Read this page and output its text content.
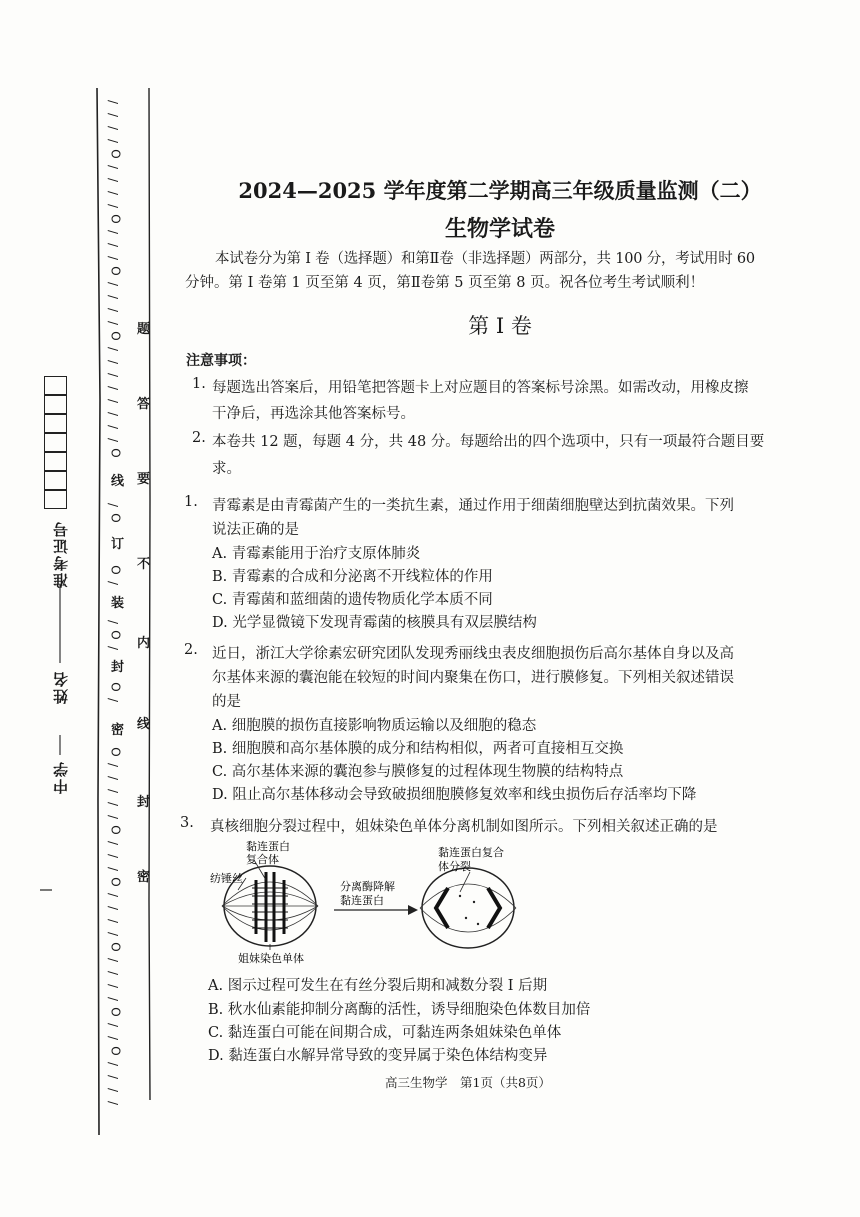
/
/
/
/
O
/
/
/
/
O
/
/
/
O
/
/
/
/
O
/
/
/
/
/
/
/
/
O
/
O
O
/
/
O
/
O
/
O
/
/
/
/
/
O
/
/
/
O
/
/
/
/
O
/
/
/
/
O
/
/
O
/
/
/
/
线
订
装
封
密
题
答
要
不
内
线
封
密
准考证号
姓名
中学
2024—2025 学年度第二学期高三年级质量监测（二）
生物学试卷
本试卷分为第 I 卷（选择题）和第Ⅱ卷（非选择题）两部分，共 100 分，考试用时 60
分钟。第 I 卷第 1 页至第 4 页，第Ⅱ卷第 5 页至第 8 页。祝各位考生考试顺利！
第 I 卷
注意事项：
1. 每题选出答案后，用铅笔把答题卡上对应题目的答案标号涂黑。如需改动，用橡皮擦
干净后，再选涂其他答案标号。
2. 本卷共 12 题，每题 4 分，共 48 分。每题给出的四个选项中，只有一项最符合题目要
求。
1. 青霉素是由青霉菌产生的一类抗生素，通过作用于细菌细胞壁达到抗菌效果。下列
说法正确的是
A. 青霉素能用于治疗支原体肺炎
B. 青霉素的合成和分泌离不开线粒体的作用
C. 青霉菌和蓝细菌的遗传物质化学本质不同
D. 光学显微镜下发现青霉菌的核膜具有双层膜结构
2. 近日，浙江大学徐素宏研究团队发现秀丽线虫表皮细胞损伤后高尔基体自身以及高
尔基体来源的囊泡能在较短的时间内聚集在伤口，进行膜修复。下列相关叙述错误
的是
A. 细胞膜的损伤直接影响物质运输以及细胞的稳态
B. 细胞膜和高尔基体膜的成分和结构相似，两者可直接相互交换
C. 高尔基体来源的囊泡参与膜修复的过程体现生物膜的结构特点
D. 阻止高尔基体移动会导致破损细胞膜修复效率和线虫损伤后存活率均下降
3. 真核细胞分裂过程中，姐妹染色单体分离机制如图所示。下列相关叙述正确的是
黏连蛋白
复合体
纺锤丝
分离酶降解
黏连蛋白
黏连蛋白复合
体分裂
姐妹染色单体
A. 图示过程可发生在有丝分裂后期和减数分裂 I 后期
B. 秋水仙素能抑制分离酶的活性，诱导细胞染色体数目加倍
C. 黏连蛋白可能在间期合成，可黏连两条姐妹染色单体
D. 黏连蛋白水解异常导致的变异属于染色体结构变异
高三生物学　第1页（共8页）
